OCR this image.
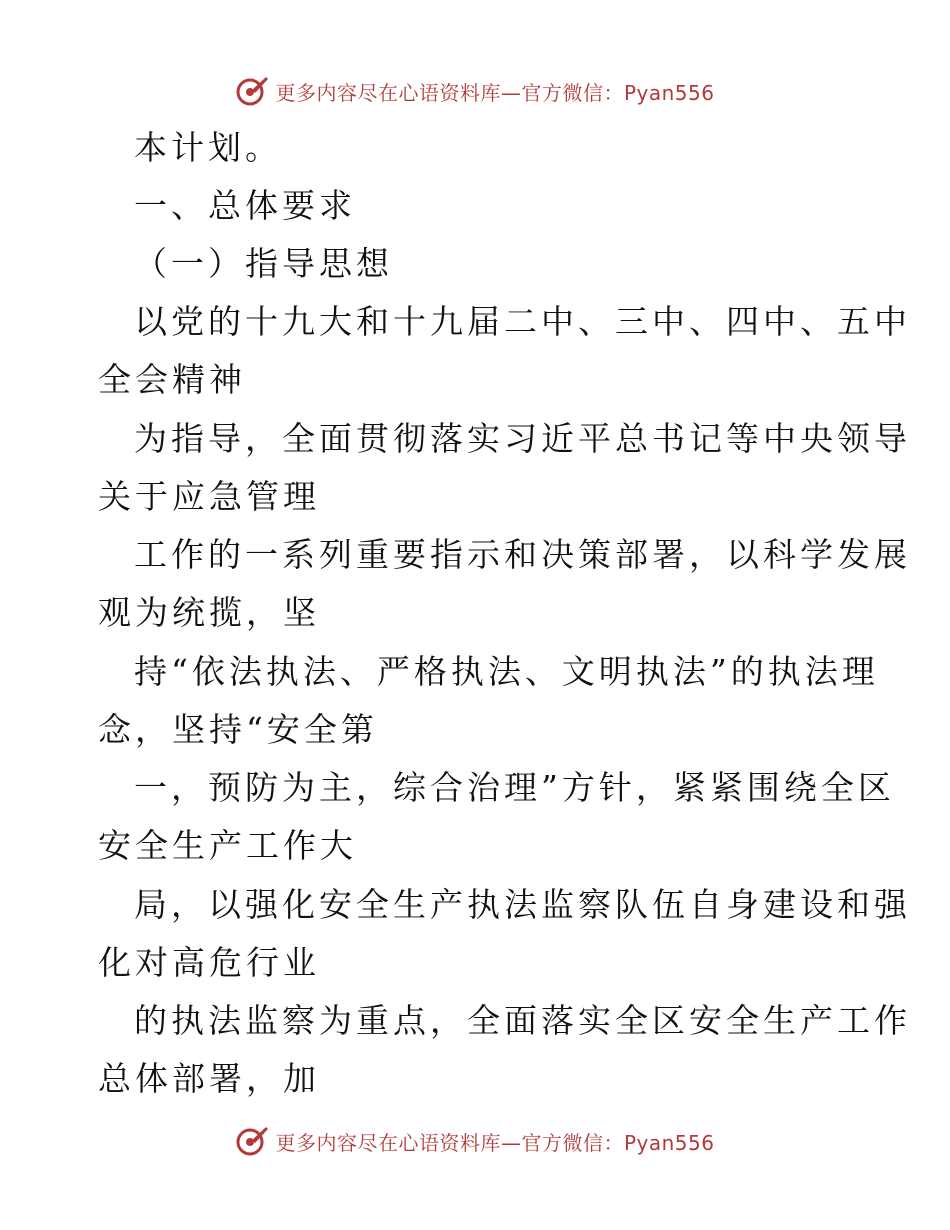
更多内容尽在心语资料库—官方微信：Pyan556
本计划。
一、总体要求
（一）指导思想
以党的十九大和十九届二中、三中、四中、五中
全会精神
为指导，全面贯彻落实习近平总书记等中央领导
关于应急管理
工作的一系列重要指示和决策部署，以科学发展
观为统揽，坚
持“依法执法、严格执法、文明执法”的执法理
念，坚持“安全第
一，预防为主，综合治理”方针，紧紧围绕全区
安全生产工作大
局，以强化安全生产执法监察队伍自身建设和强
化对高危行业
的执法监察为重点，全面落实全区安全生产工作
总体部署，加
更多内容尽在心语资料库—官方微信：Pyan556
